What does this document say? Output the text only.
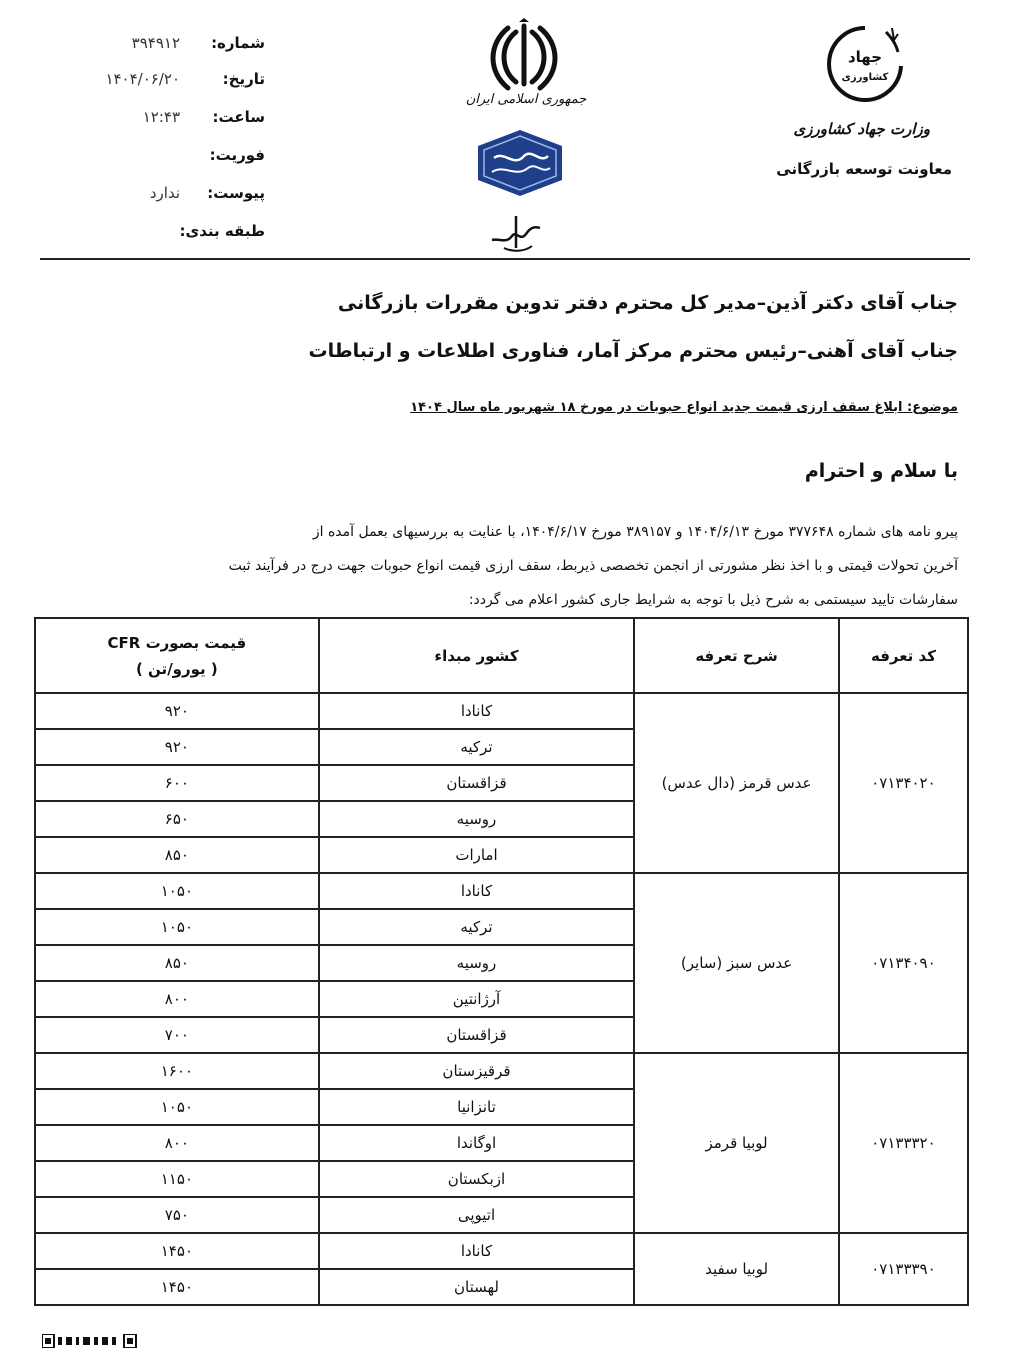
شماره:
۳۹۴۹۱۲
تاریخ:
۱۴۰۴/۰۶/۲۰
ساعت:
۱۲:۴۳
فوریت:
پیوست:
ندارد
طبقه بندی:
جمهوری اسلامی ایران
جهاد
کشاورزی
وزارت جهاد کشاورزی
معاونت توسعه بازرگانی
جناب آقای دکتر آذین–مدیر کل محترم دفتر تدوین مقررات بازرگانی
جناب آقای آهنی–رئیس محترم مرکز آمار، فناوری اطلاعات و ارتباطات
موضوع: ابلاغ سقف ارزی قیمت جدید انواع حبوبات در مورخ ۱۸ شهریور ماه سال ۱۴۰۴
با سلام و احترام
پیرو نامه های شماره ۳۷۷۶۴۸ مورخ ۱۴۰۴/۶/۱۳ و ۳۸۹۱۵۷ مورخ ۱۴۰۴/۶/۱۷، با عنایت به بررسیهای بعمل آمده از
آخرین تحولات قیمتی و با اخذ نظر مشورتی از انجمن تخصصی ذیربط، سقف ارزی قیمت انواع حبوبات جهت درج در فرآیند ثبت
سفارشات تایید سیستمی به شرح ذیل با توجه به شرایط جاری کشور اعلام می گردد:
کد تعرفه	شرح تعرفه	کشور مبداء	قیمت بصورت CFR
( یورو/تن )

۰۷۱۳۴۰۲۰	عدس قرمز (دال عدس)	کانادا	۹۲۰
		ترکیه	۹۲۰
		قزاقستان	۶۰۰
		روسیه	۶۵۰
		امارات	۸۵۰
۰۷۱۳۴۰۹۰	عدس سبز (سایر)	کانادا	۱۰۵۰
		ترکیه	۱۰۵۰
		روسیه	۸۵۰
		آرژانتین	۸۰۰
		قزاقستان	۷۰۰
۰۷۱۳۳۳۲۰	لوبیا قرمز	قرقیزستان	۱۶۰۰
		تانزانیا	۱۰۵۰
		اوگاندا	۸۰۰
		ازبکستان	۱۱۵۰
		اتیوپی	۷۵۰
۰۷۱۳۳۳۹۰	لوبیا سفید	کانادا	۱۴۵۰
		لهستان	۱۴۵۰
